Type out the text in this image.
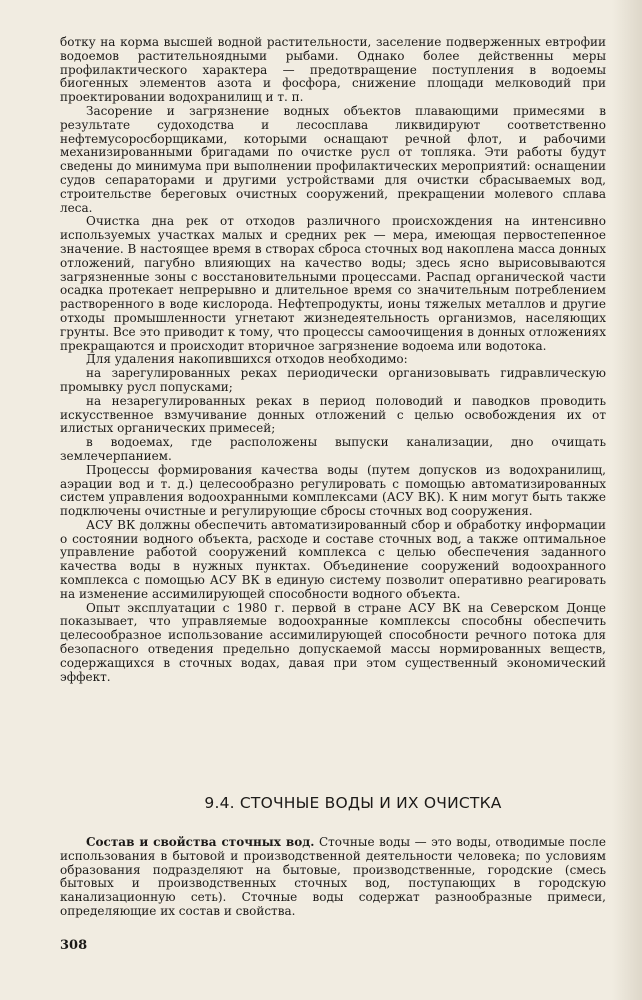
ботку на корма высшей водной растительности, заселение подверженных евтрофии водоемов растительноядными рыбами. Однако более действенны меры профилактического характера — предотвращение поступления в водоемы биогенных элементов азота и фосфора, снижение площади мелководий при проектировании водохранилищ и т. п.

Засорение и загрязнение водных объектов плавающими примесями в результате судоходства и лесосплава ликвидируют соответственно нефтемусоросборщиками, которыми оснащают речной флот, и рабочими механизированными бригадами по очистке русл от топляка. Эти работы будут сведены до минимума при выполнении профилактических мероприятий: оснащении судов сепараторами и другими устройствами для очистки сбрасываемых вод, строительстве береговых очистных сооружений, прекращении молевого сплава леса.

Очистка дна рек от отходов различного происхождения на интенсивно используемых участках малых и средних рек — мера, имеющая первостепенное значение. В настоящее время в створах сброса сточных вод накоплена масса донных отложений, пагубно влияющих на качество воды; здесь ясно вырисовываются загрязненные зоны с восстановительными процессами. Распад органической части осадка протекает непрерывно и длительное время со значительным потреблением растворенного в воде кислорода. Нефтепродукты, ионы тяжелых металлов и другие отходы промышленности угнетают жизнедеятельность организмов, населяющих грунты. Все это приводит к тому, что процессы самоочищения в донных отложениях прекращаются и происходит вторичное загрязнение водоема или водотока.

Для удаления накопившихся отходов необходимо:

на зарегулированных реках периодически организовывать гидравлическую промывку русл попусками;

на незарегулированных реках в период половодий и паводков проводить искусственное взмучивание донных отложений с целью освобождения их от илистых органических примесей;

в водоемах, где расположены выпуски канализации, дно очищать землечерпанием.

Процессы формирования качества воды (путем допусков из водохранилищ, аэрации вод и т. д.) целесообразно регулировать с помощью автоматизированных систем управления водоохранными комплексами (АСУ ВК). К ним могут быть также подключены очистные и регулирующие сбросы сточных вод сооружения.

АСУ ВК должны обеспечить автоматизированный сбор и обработку информации о состоянии водного объекта, расходе и составе сточных вод, а также оптимальное управление работой сооружений комплекса с целью обеспечения заданного качества воды в нужных пунктах. Объединение сооружений водоохранного комплекса с помощью АСУ ВК в единую систему позволит оперативно реагировать на изменение ассимилирующей способности водного объекта.

Опыт эксплуатации с 1980 г. первой в стране АСУ ВК на Северском Донце показывает, что управляемые водоохранные комплексы способны обеспечить целесообразное использование ассимилирующей способности речного потока для безопасного отведения предельно допускаемой массы нормированных веществ, содержащихся в сточных водах, давая при этом существенный экономический эффект.

9.4. СТОЧНЫЕ ВОДЫ И ИХ ОЧИСТКА

Состав и свойства сточных вод. Сточные воды — это воды, отводимые после использования в бытовой и производственной деятельности человека; по условиям образования подразделяют на бытовые, производственные, городские (смесь бытовых и производственных сточных вод, поступающих в городскую канализационную сеть). Сточные воды содержат разнообразные примеси, определяющие их состав и свойства.

308
